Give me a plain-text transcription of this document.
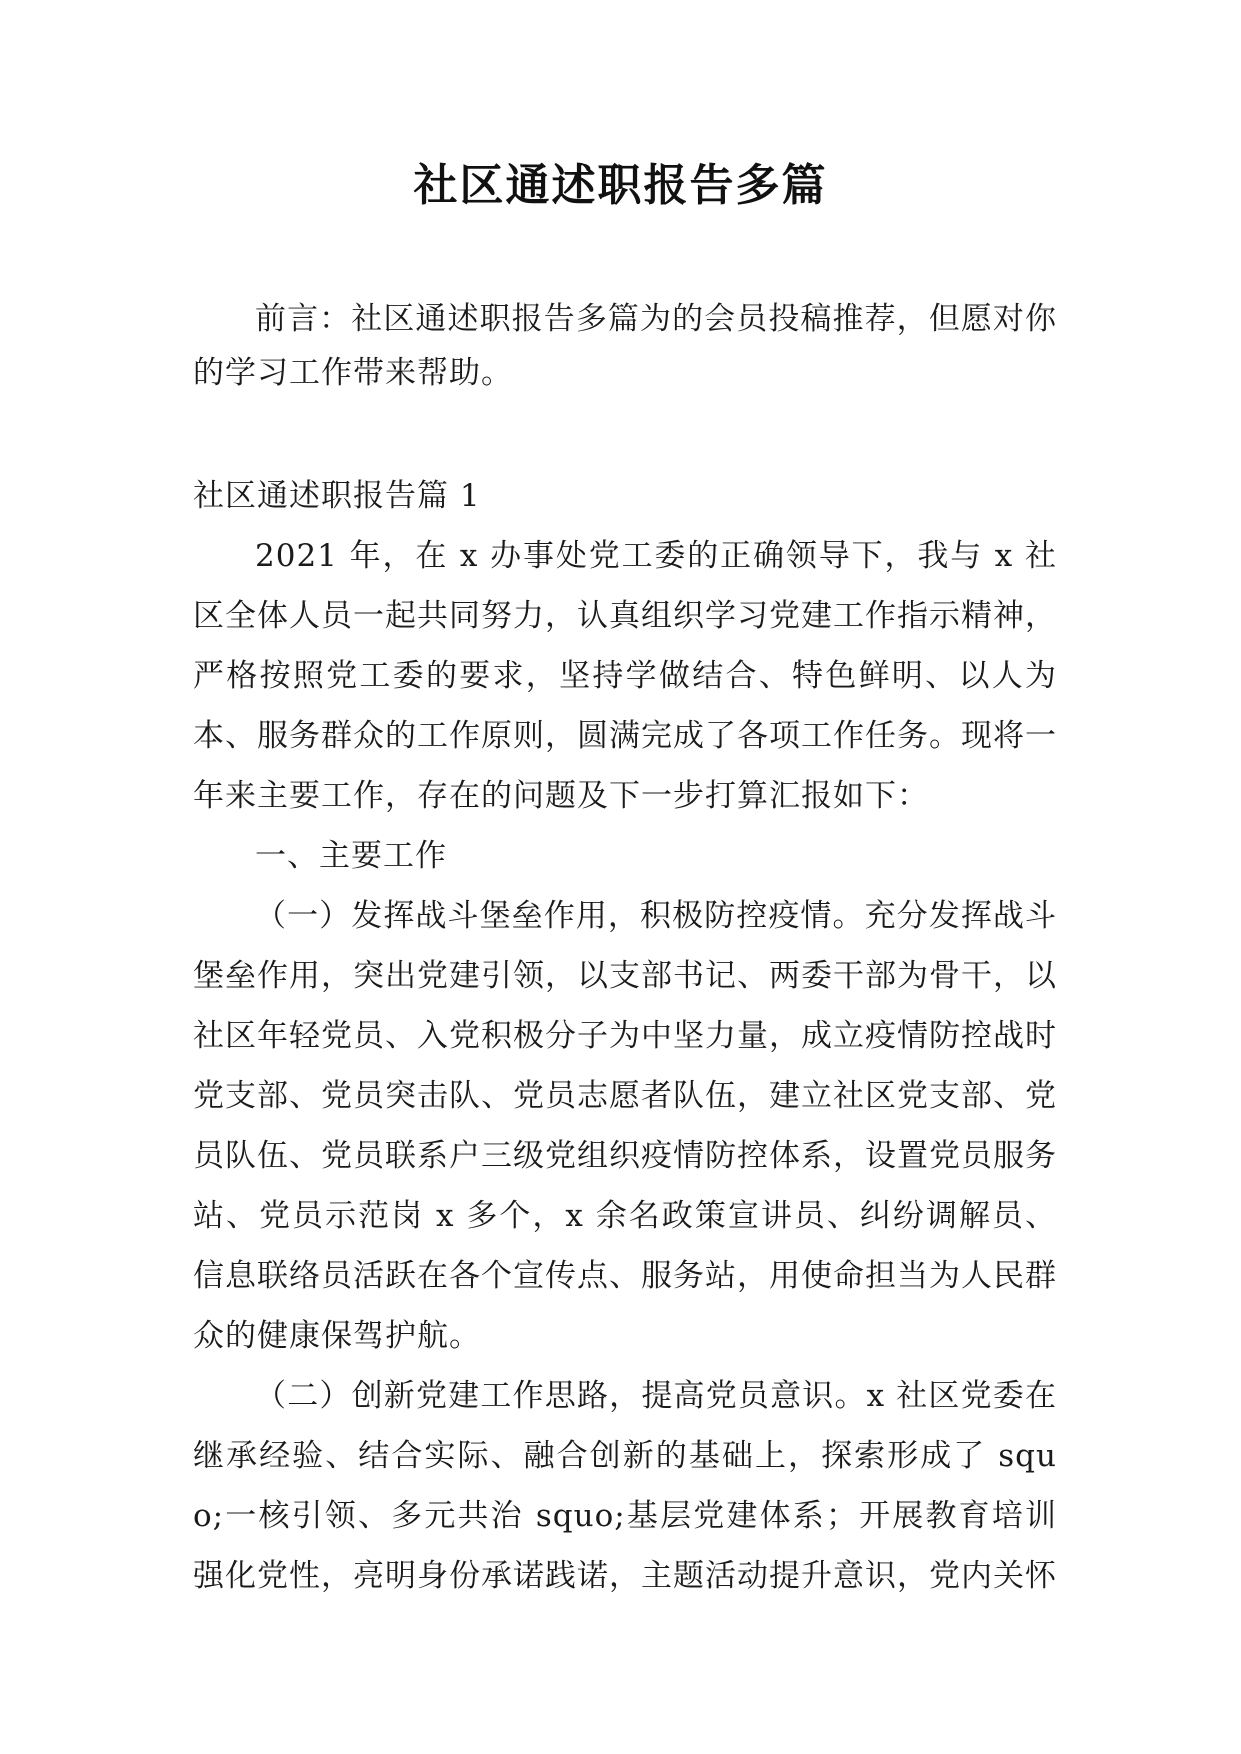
社区通述职报告多篇

前言：社区通述职报告多篇为的会员投稿推荐，但愿对你的学习工作带来帮助。

社区通述职报告篇 1

2021 年，在 x 办事处党工委的正确领导下，我与 x 社区全体人员一起共同努力，认真组织学习党建工作指示精神，严格按照党工委的要求，坚持学做结合、特色鲜明、以人为本、服务群众的工作原则，圆满完成了各项工作任务。现将一年来主要工作，存在的问题及下一步打算汇报如下：

一、主要工作

（一）发挥战斗堡垒作用，积极防控疫情。充分发挥战斗堡垒作用，突出党建引领，以支部书记、两委干部为骨干，以社区年轻党员、入党积极分子为中坚力量，成立疫情防控战时党支部、党员突击队、党员志愿者队伍，建立社区党支部、党员队伍、党员联系户三级党组织疫情防控体系，设置党员服务站、党员示范岗 x 多个，x 余名政策宣讲员、纠纷调解员、信息联络员活跃在各个宣传点、服务站，用使命担当为人民群众的健康保驾护航。

（二）创新党建工作思路，提高党员意识。x 社区党委在继承经验、结合实际、融合创新的基础上，探索形成了 squo;一核引领、多元共治 squo;基层党建体系；开展教育培训强化党性，亮明身份承诺践诺，主题活动提升意识，党内关怀
